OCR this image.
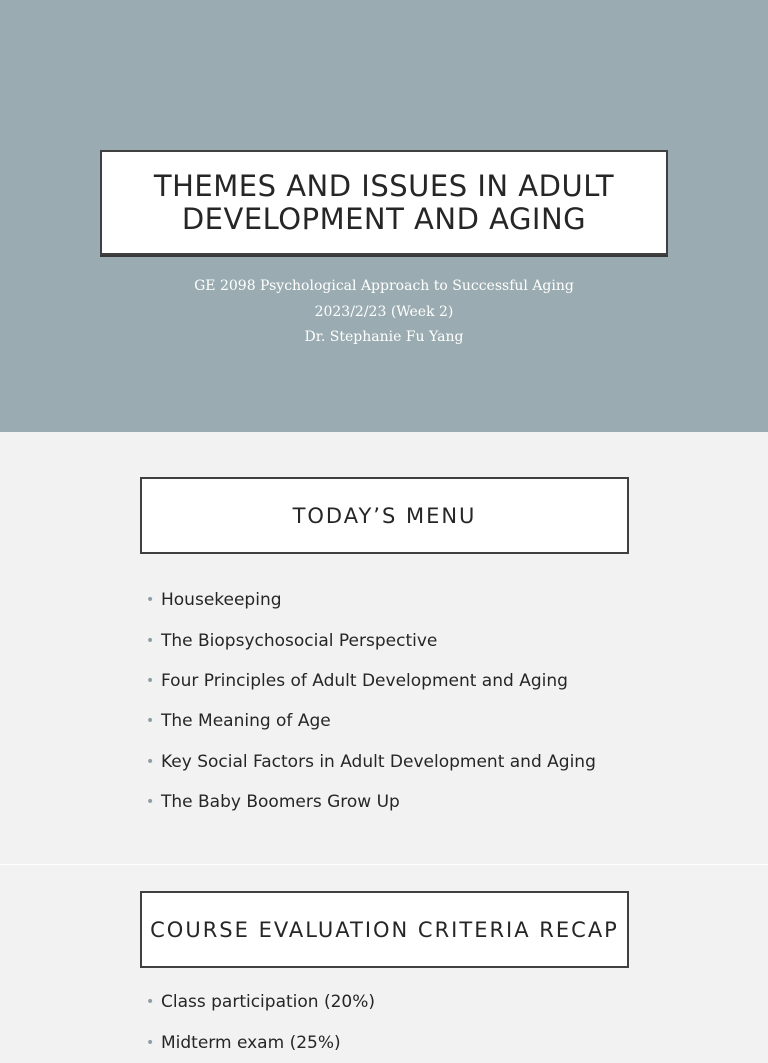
THEMES AND ISSUES IN ADULT
DEVELOPMENT AND AGING
GE 2098 Psychological Approach to Successful Aging
2023/2/23 (Week 2)
Dr. Stephanie Fu Yang
TODAY’S MENU
• Housekeeping
• The Biopsychosocial Perspective
• Four Principles of Adult Development and Aging
• The Meaning of Age
• Key Social Factors in Adult Development and Aging
• The Baby Boomers Grow Up
COURSE EVALUATION CRITERIA RECAP
• Class participation (20%)
• Midterm exam (25%)
